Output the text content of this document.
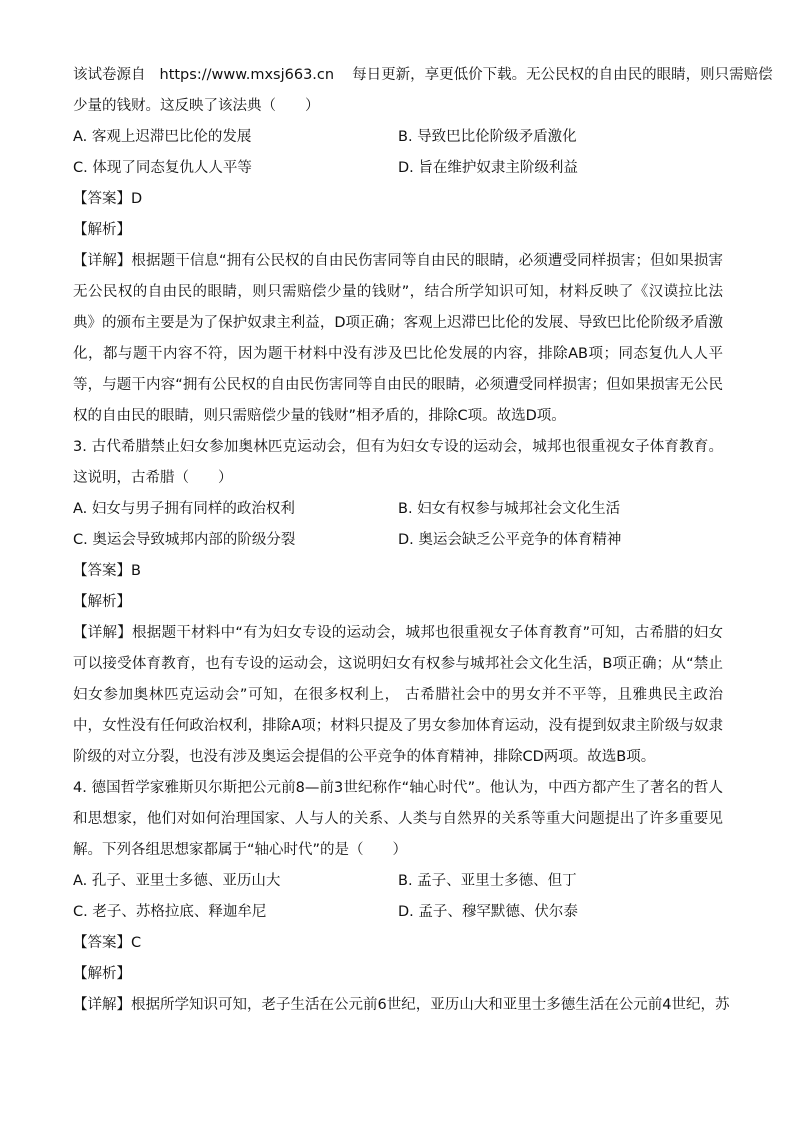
该试卷源自 https://www.mxsj663.cn 每日更新，享更低价下载。无公民权的自由民的眼睛，则只需赔偿
少量的钱财。这反映了该法典（　　）
A. 客观上迟滞巴比伦的发展	B. 导致巴比伦阶级矛盾激化
C. 体现了同态复仇人人平等	D. 旨在维护奴隶主阶级利益
【答案】D
【解析】
【详解】根据题干信息“拥有公民权的自由民伤害同等自由民的眼睛，必须遭受同样损害；但如果损害无公民权的自由民的眼睛，则只需赔偿少量的钱财”，结合所学知识可知，材料反映了《汉谟拉比法典》的颁布主要是为了保护奴隶主利益，D项正确；客观上迟滞巴比伦的发展、导致巴比伦阶级矛盾激化，都与题干内容不符，因为题干材料中没有涉及巴比伦发展的内容，排除AB项；同态复仇人人平等，与题干内容“拥有公民权的自由民伤害同等自由民的眼睛，必须遭受同样损害；但如果损害无公民权的自由民的眼睛，则只需赔偿少量的钱财”相矛盾的，排除C项。故选D项。
3. 古代希腊禁止妇女参加奥林匹克运动会，但有为妇女专设的运动会，城邦也很重视女子体育教育。这说明，古希腊（　　）
A. 妇女与男子拥有同样的政治权利	B. 妇女有权参与城邦社会文化生活
C. 奥运会导致城邦内部的阶级分裂	D. 奥运会缺乏公平竞争的体育精神
【答案】B
【解析】
【详解】根据题干材料中“有为妇女专设的运动会，城邦也很重视女子体育教育”可知，古希腊的妇女可以接受体育教育，也有专设的运动会，这说明妇女有权参与城邦社会文化生活，B项正确；从“禁止妇女参加奥林匹克运动会”可知，在很多权利上， 古希腊社会中的男女并不平等，且雅典民主政治中，女性没有任何政治权利，排除A项；材料只提及了男女参加体育运动，没有提到奴隶主阶级与奴隶阶级的对立分裂，也没有涉及奥运会提倡的公平竞争的体育精神，排除CD两项。故选B项。
4. 德国哲学家雅斯贝尔斯把公元前8—前3世纪称作“轴心时代”。他认为，中西方都产生了著名的哲人和思想家，他们对如何治理国家、人与人的关系、人类与自然界的关系等重大问题提出了许多重要见解。下列各组思想家都属于“轴心时代”的是（　　）
A. 孔子、亚里士多德、亚历山大	B. 孟子、亚里士多德、但丁
C. 老子、苏格拉底、释迦牟尼	D. 孟子、穆罕默德、伏尔泰
【答案】C
【解析】
【详解】根据所学知识可知，老子生活在公元前6世纪，亚历山大和亚里士多德生活在公元前4世纪，苏
